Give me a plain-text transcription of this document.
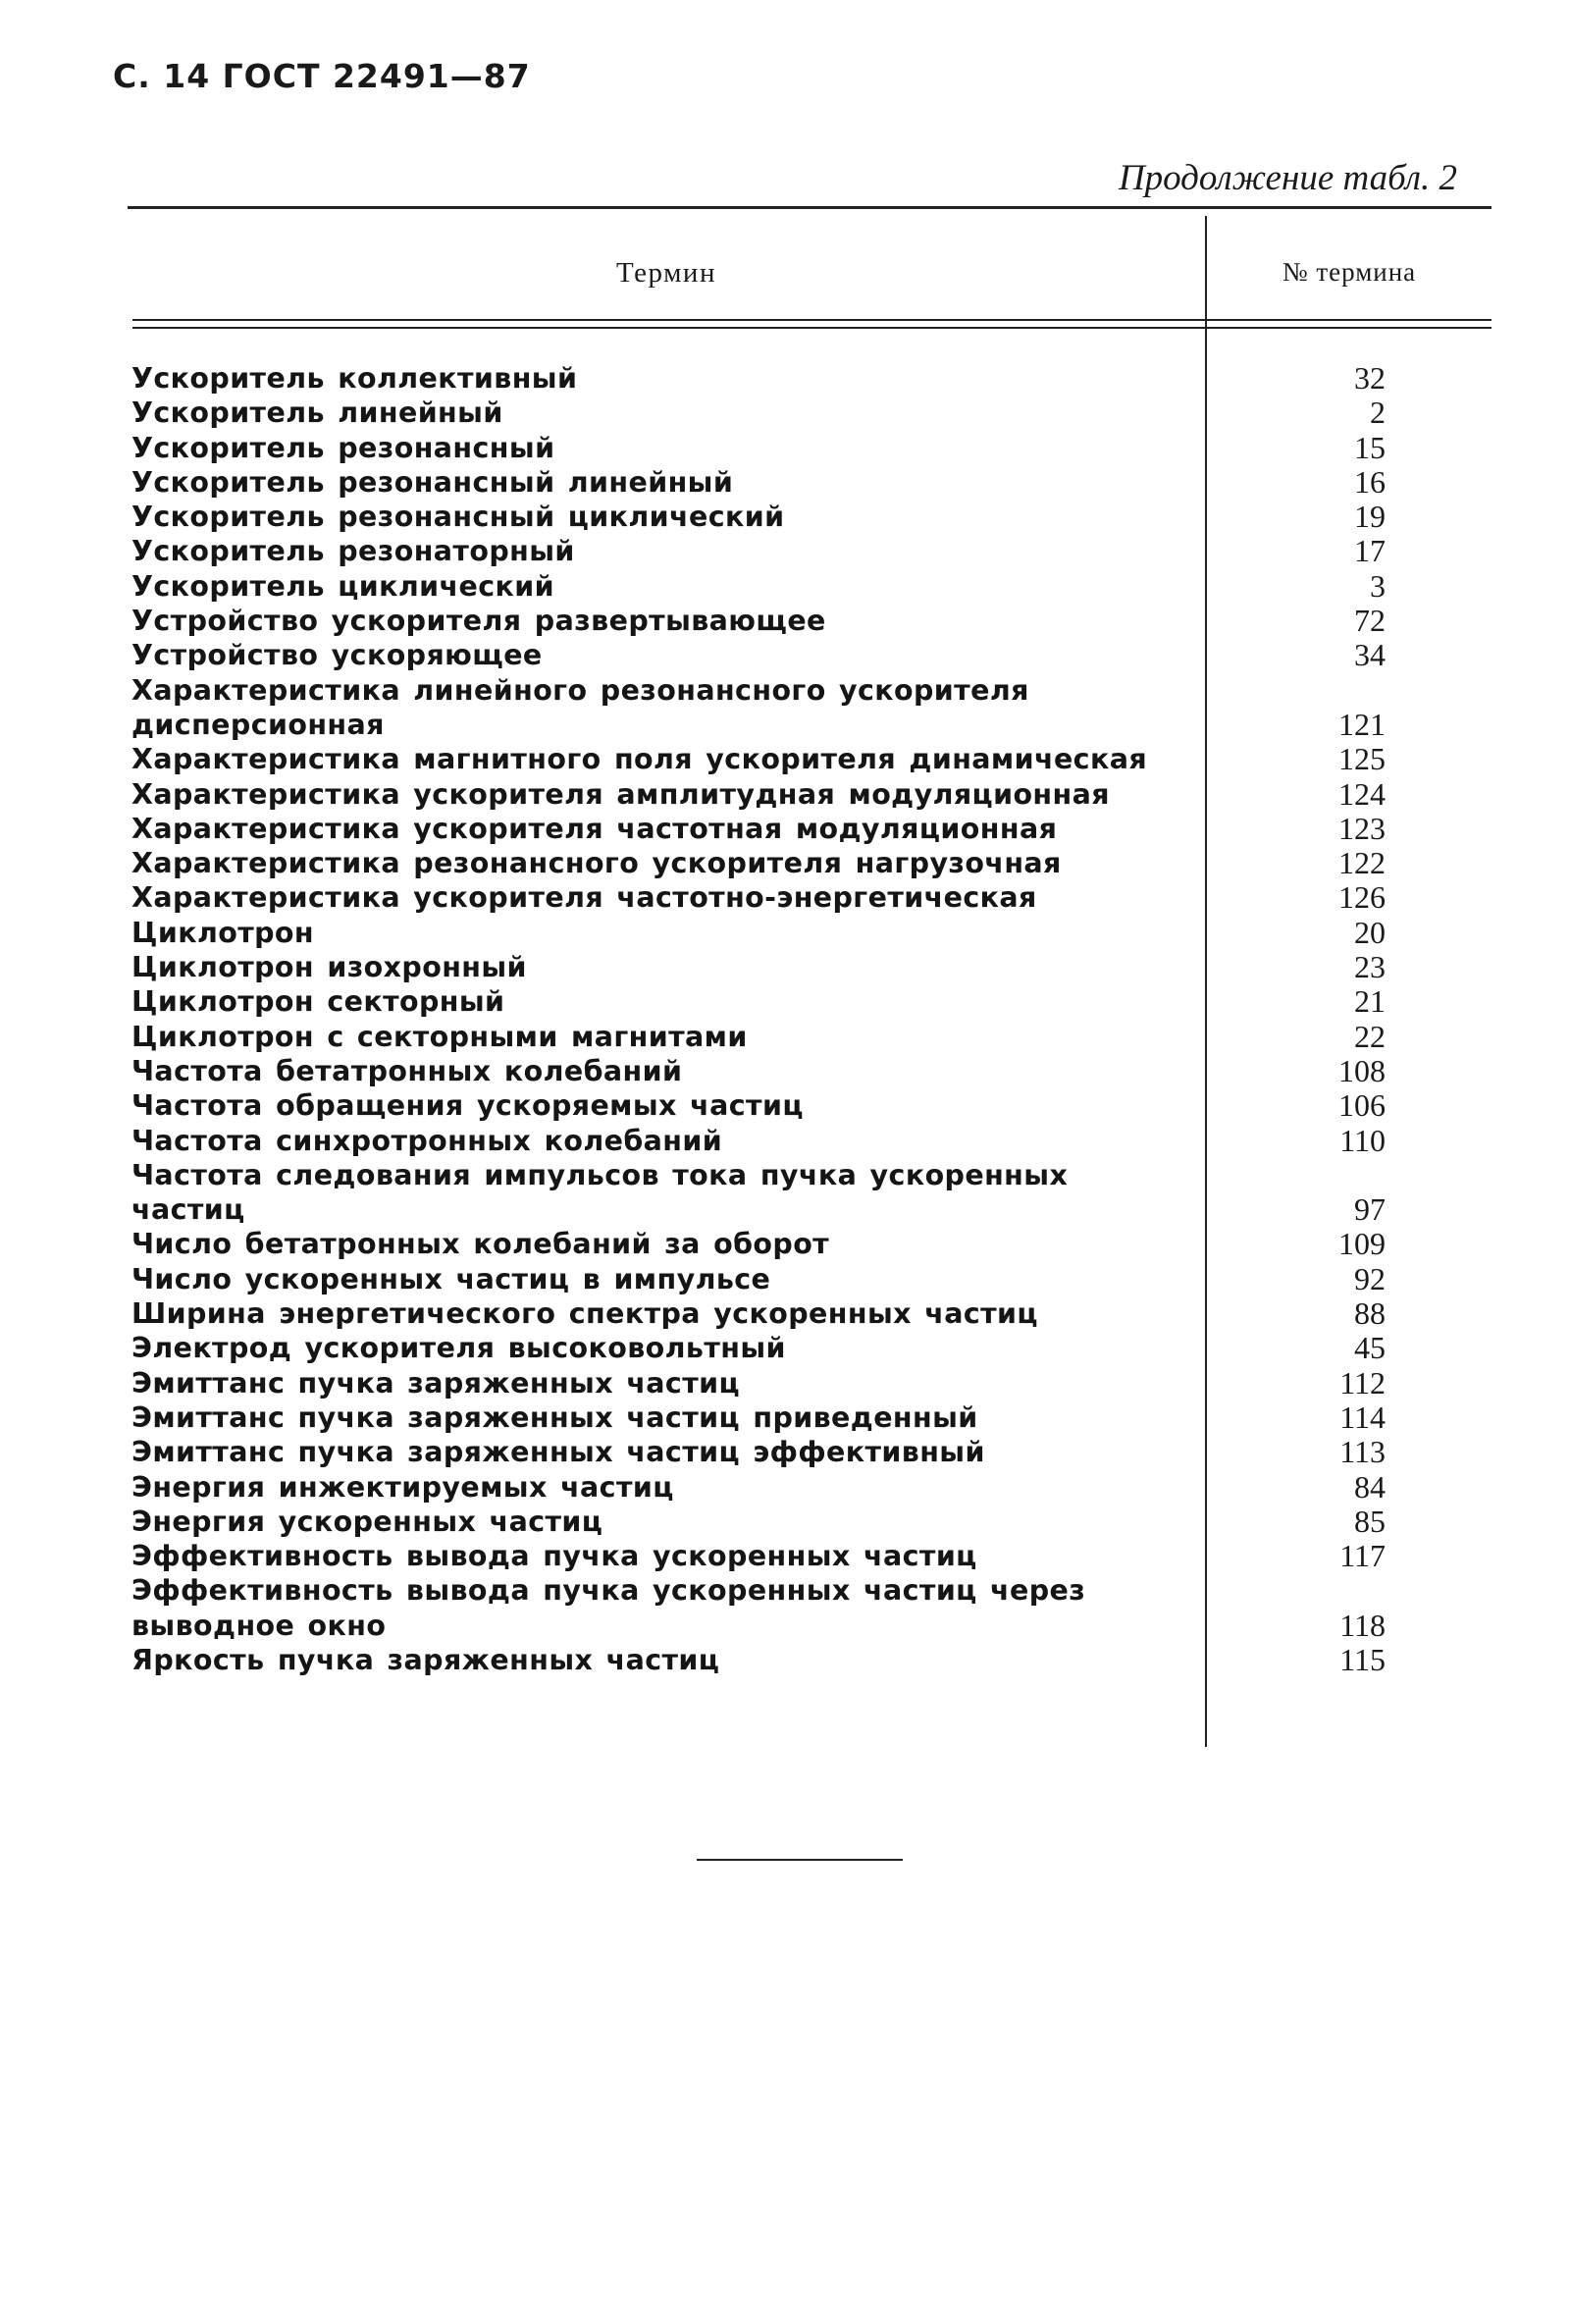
С. 14 ГОСТ 22491—87
Продолжение табл. 2
Термин	№ термина
Ускоритель коллективный	32
Ускоритель линейный	2
Ускоритель резонансный	15
Ускоритель резонансный линейный	16
Ускоритель резонансный циклический	19
Ускоритель резонаторный	17
Ускоритель циклический	3
Устройство ускорителя развертывающее	72
Устройство ускоряющее	34
Характеристика линейного резонансного ускорителя
дисперсионная	121
Характеристика магнитного поля ускорителя динамическая	125
Характеристика ускорителя амплитудная модуляционная	124
Характеристика ускорителя частотная модуляционная	123
Характеристика резонансного ускорителя нагрузочная	122
Характеристика ускорителя частотно-энергетическая	126
Циклотрон	20
Циклотрон изохронный	23
Циклотрон секторный	21
Циклотрон с секторными магнитами	22
Частота бетатронных колебаний	108
Частота обращения ускоряемых частиц	106
Частота синхротронных колебаний	110
Частота следования импульсов тока пучка ускоренных
частиц	97
Число бетатронных колебаний за оборот	109
Число ускоренных частиц в импульсе	92
Ширина энергетического спектра ускоренных частиц	88
Электрод ускорителя высоковольтный	45
Эмиттанс пучка заряженных частиц	112
Эмиттанс пучка заряженных частиц приведенный	114
Эмиттанс пучка заряженных частиц эффективный	113
Энергия инжектируемых частиц	84
Энергия ускоренных частиц	85
Эффективность вывода пучка ускоренных частиц	117
Эффективность вывода пучка ускоренных частиц через
выводное окно	118
Яркость пучка заряженных частиц	115
